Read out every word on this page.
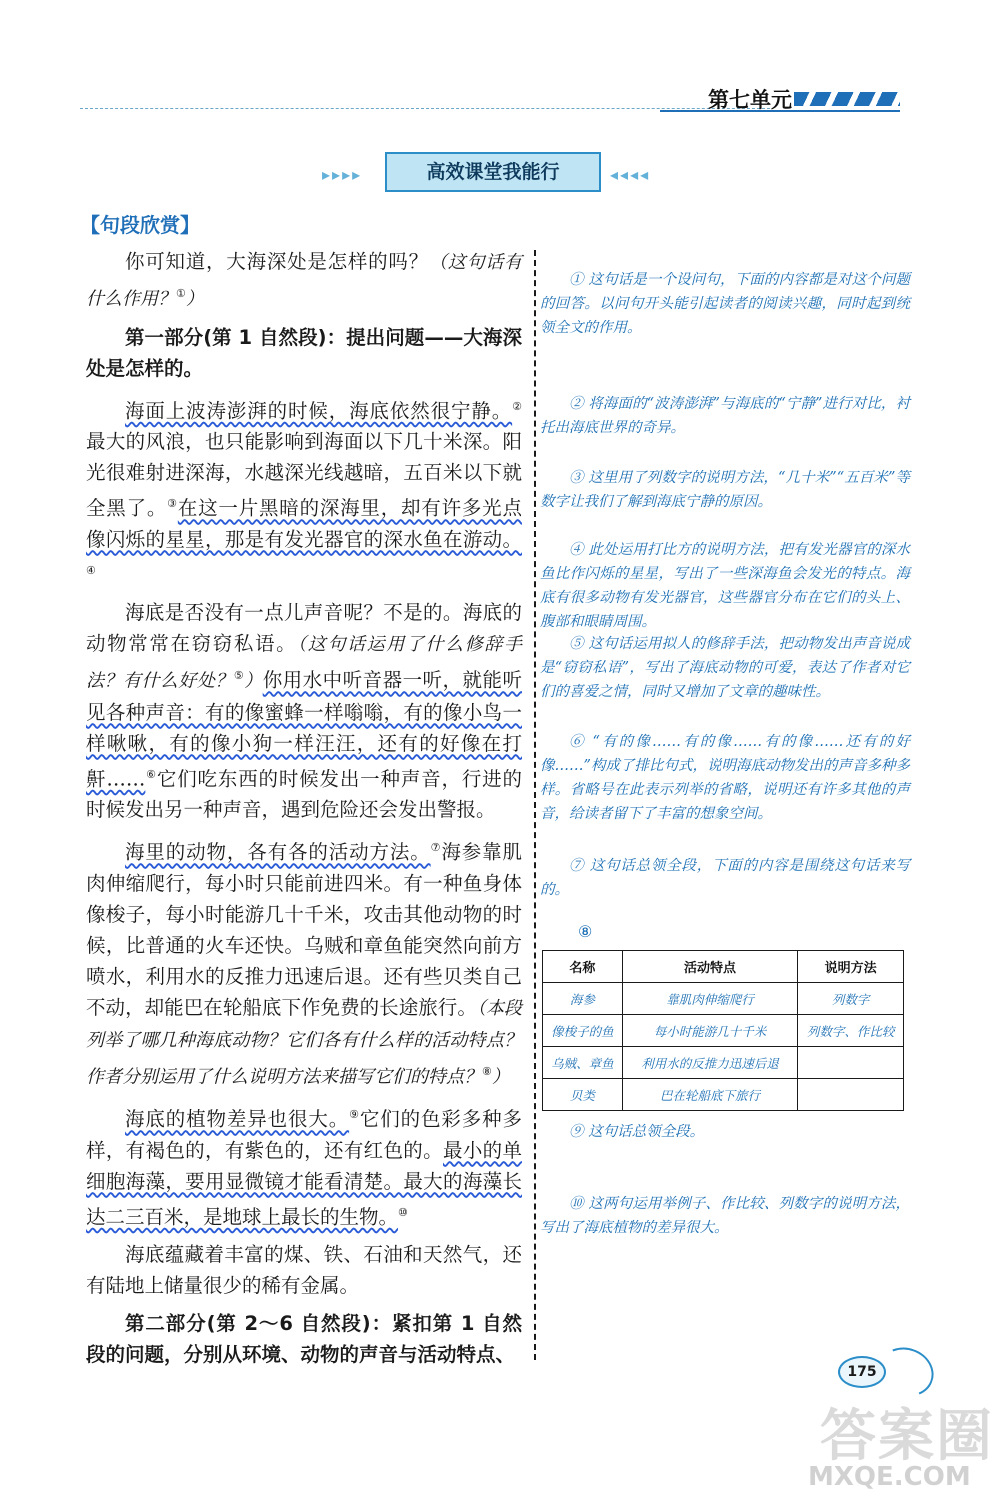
第七单元
▸▸▸▸	高效课堂我能行	◂◂◂◂
【句段欣赏】

你可知道，大海深处是怎样的吗？（这句话有什么作用？①）

第一部分(第 1 自然段)：提出问题——大海深处是怎样的。

海面上波涛澎湃的时候，海底依然很宁静。②最大的风浪，也只能影响到海面以下几十米深。阳光很难射进深海，水越深光线越暗，五百米以下就全黑了。③在这一片黑暗的深海里，却有许多光点像闪烁的星星，那是有发光器官的深水鱼在游动。④

海底是否没有一点儿声音呢？不是的。海底的动物常常在窃窃私语。（这句话运用了什么修辞手法？有什么好处？⑤）你用水中听音器一听，就能听见各种声音：有的像蜜蜂一样嗡嗡，有的像小鸟一样啾啾，有的像小狗一样汪汪，还有的好像在打鼾……⑥它们吃东西的时候发出一种声音，行进的时候发出另一种声音，遇到危险还会发出警报。

海里的动物，各有各的活动方法。⑦海参靠肌肉伸缩爬行，每小时只能前进四米。有一种鱼身体像梭子，每小时能游几十千米，攻击其他动物的时候，比普通的火车还快。乌贼和章鱼能突然向前方喷水，利用水的反推力迅速后退。还有些贝类自己不动，却能巴在轮船底下作免费的长途旅行。（本段列举了哪几种海底动物？它们各有什么样的活动特点？作者分别运用了什么说明方法来描写它们的特点？⑧）

海底的植物差异也很大。⑨它们的色彩多种多样，有褐色的，有紫色的，还有红色的。最小的单细胞海藻，要用显微镜才能看清楚。最大的海藻长达二三百米，是地球上最长的生物。⑩

海底蕴藏着丰富的煤、铁、石油和天然气，还有陆地上储量很少的稀有金属。

第二部分(第 2～6 自然段)：紧扣第 1 自然段的问题，分别从环境、动物的声音与活动特点、

① 这句话是一个设问句，下面的内容都是对这个问题的回答。以问句开头能引起读者的阅读兴趣，同时起到统领全文的作用。
② 将海面的“波涛澎湃”与海底的“宁静”进行对比，衬托出海底世界的奇异。
③ 这里用了列数字的说明方法，“几十米”“五百米”等数字让我们了解到海底宁静的原因。
④ 此处运用打比方的说明方法，把有发光器官的深水鱼比作闪烁的星星，写出了一些深海鱼会发光的特点。海底有很多动物有发光器官，这些器官分布在它们的头上、腹部和眼睛周围。
⑤ 这句话运用拟人的修辞手法，把动物发出声音说成是“窃窃私语”，写出了海底动物的可爱，表达了作者对它们的喜爱之情，同时又增加了文章的趣味性。
⑥ “有的像……有的像……有的像……还有的好像……”构成了排比句式，说明海底动物发出的声音多种多样。省略号在此表示列举的省略，说明还有许多其他的声音，给读者留下了丰富的想象空间。
⑦ 这句话总领全段，下面的内容是围绕这句话来写的。
⑨ 这句话总领全段。
⑩ 这两句运用举例子、作比较、列数字的说明方法，写出了海底植物的差异很大。
⑧
名称	活动特点	说明方法
海参	靠肌肉伸缩爬行	列数字
像梭子的鱼	每小时能游几十千米	列数字、作比较
乌贼、章鱼	利用水的反推力迅速后退	
贝类	巴在轮船底下旅行	
175
答案圈
MXQE.COM
